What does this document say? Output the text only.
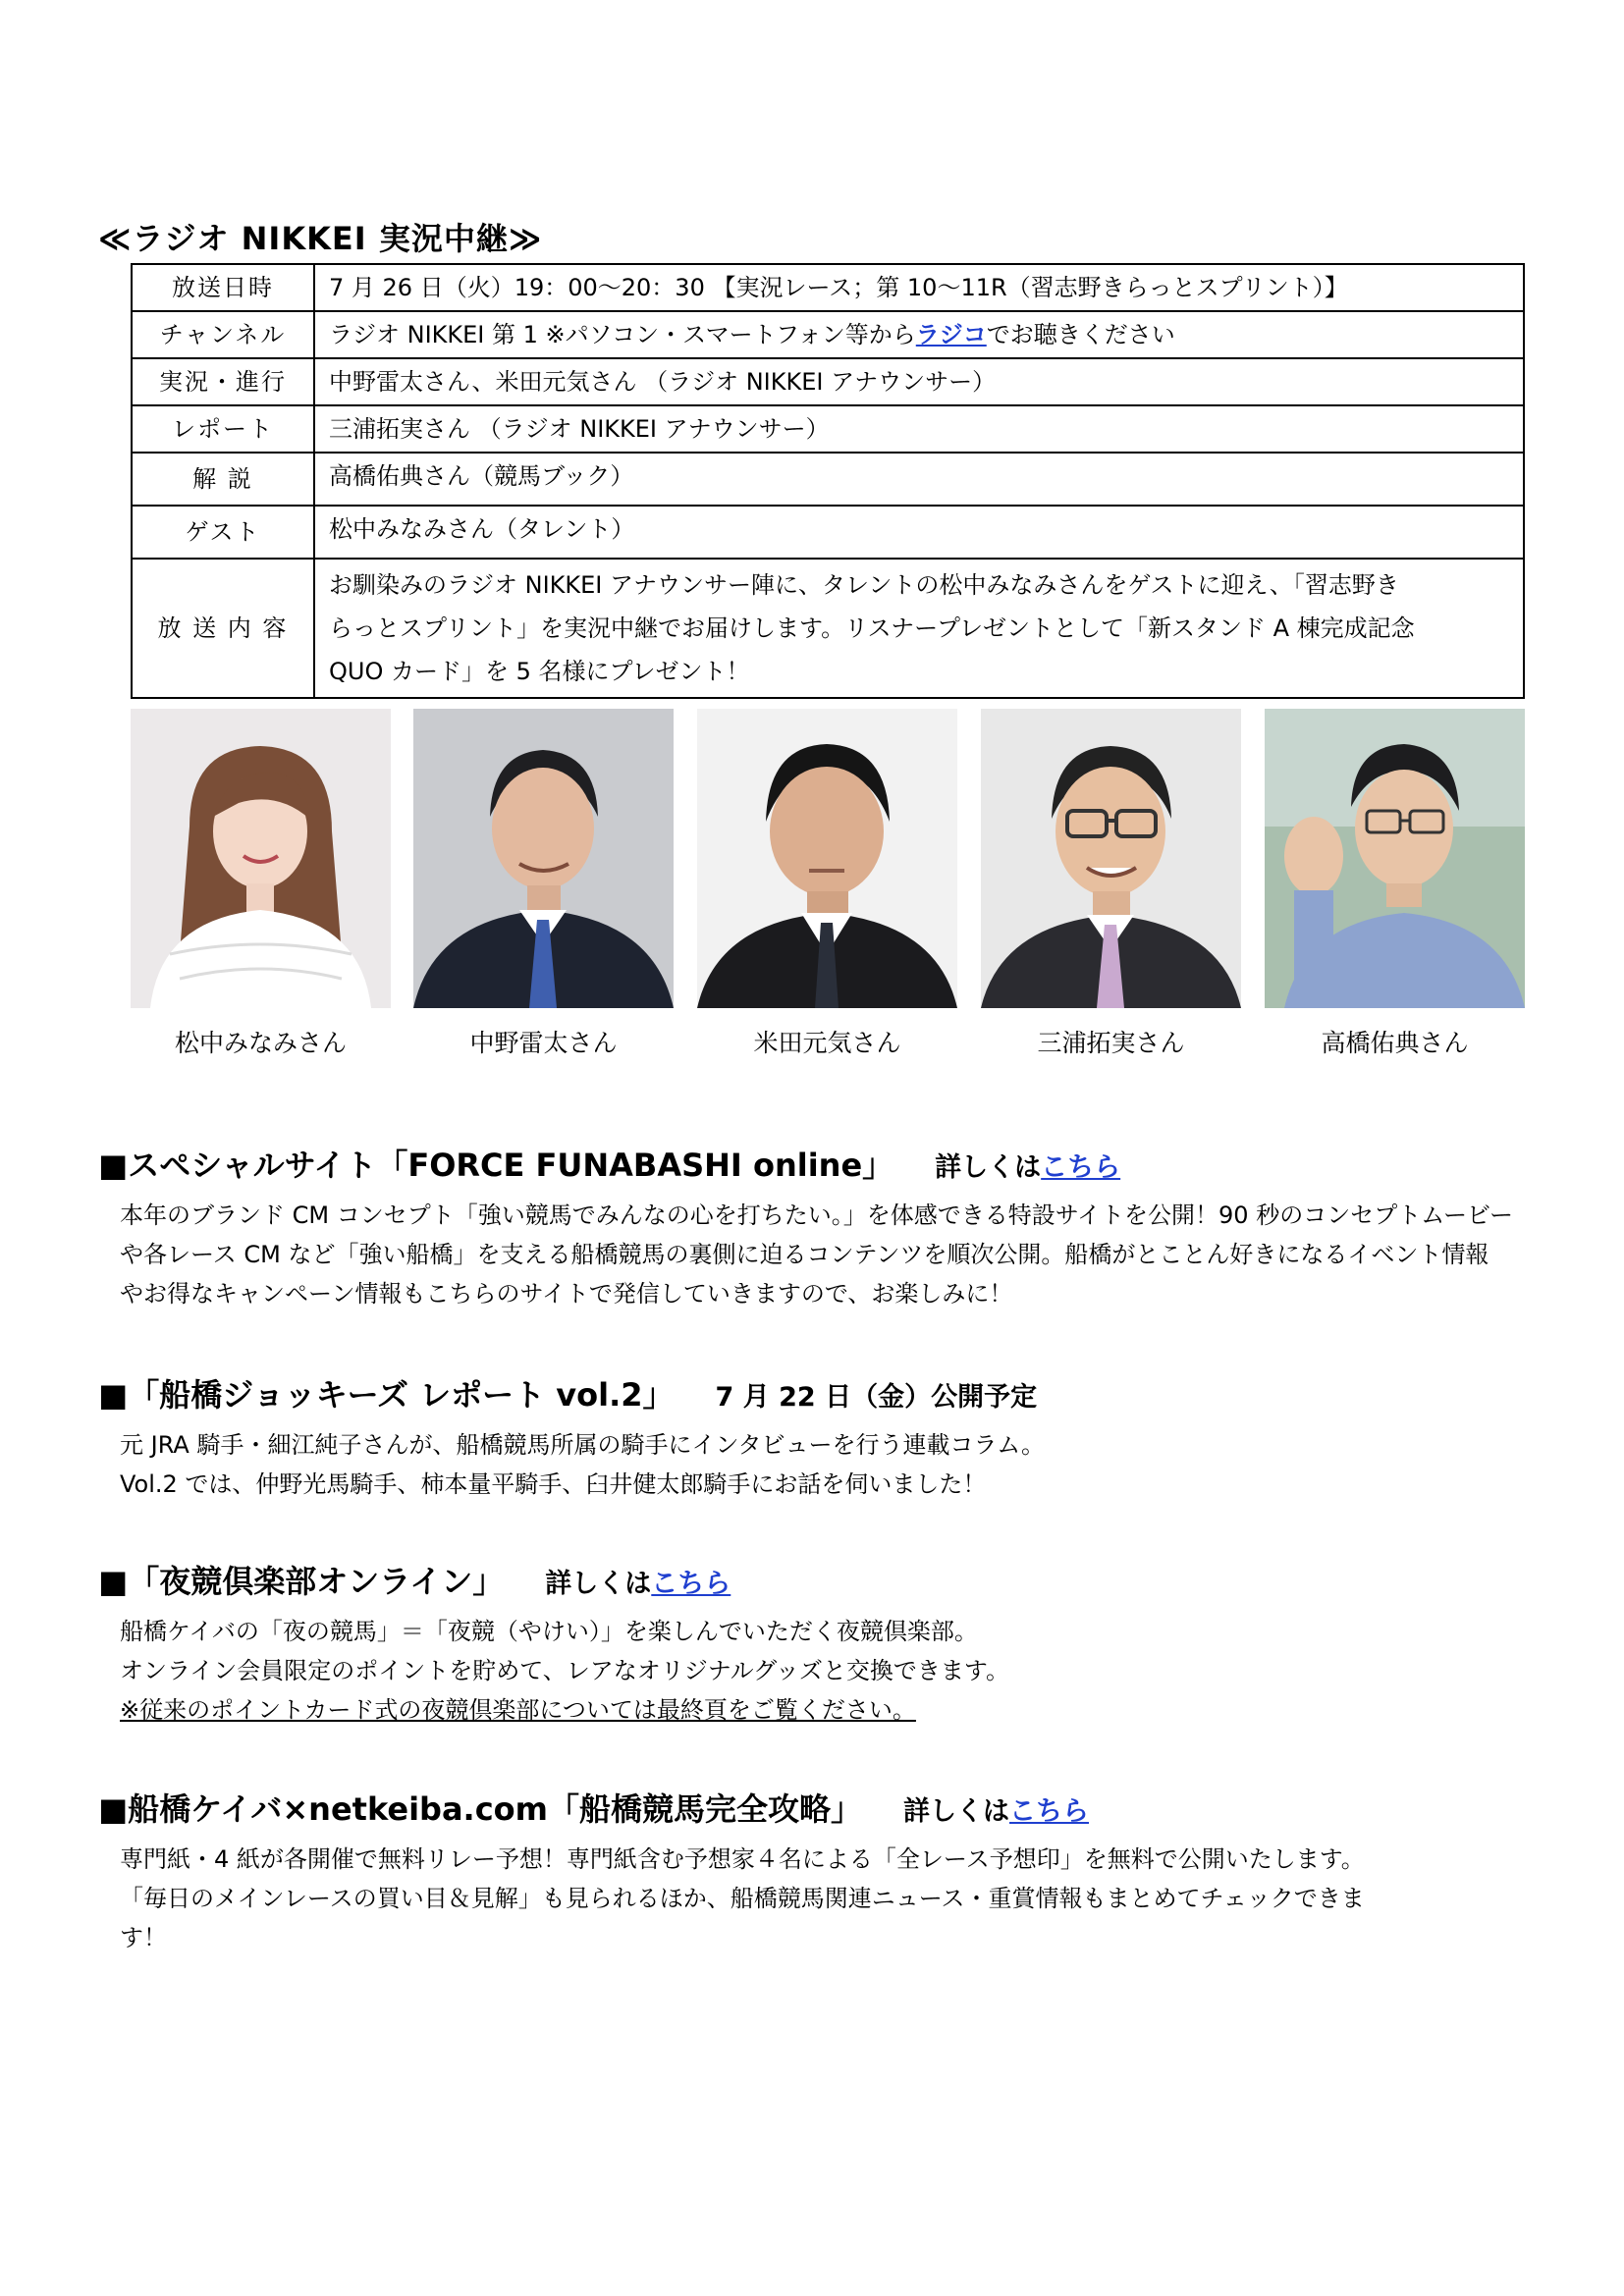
≪ラジオ NIKKEI 実況中継≫
放送日時	7 月 26 日（火）19：00～20：30 【実況レース；第 10～11R（習志野きらっとスプリント）】
チャンネル	ラジオ NIKKEI 第 1 ※パソコン・スマートフォン等からラジコでお聴きください
実況・進行	中野雷太さん、米田元気さん （ラジオ NIKKEI アナウンサー）
レポート	三浦拓実さん （ラジオ NIKKEI アナウンサー）
解 説	高橋佑典さん（競馬ブック）
ゲスト	松中みなみさん（タレント）
放 送 内 容	お馴染みのラジオ NIKKEI アナウンサー陣に、タレントの松中みなみさんをゲストに迎え、「習志野き
らっとスプリント」を実況中継でお届けします。リスナープレゼントとして「新スタンド A 棟完成記念
QUO カード」を 5 名様にプレゼント！
松中みなみさん	中野雷太さん	米田元気さん	三浦拓実さん	高橋佑典さん
■スペシャルサイト「FORCE FUNABASHI online」 詳しくはこちら
本年のブランド CM コンセプト「強い競馬でみんなの心を打ちたい。」を体感できる特設サイトを公開！90 秒のコンセプトムービー
や各レース CM など「強い船橋」を支える船橋競馬の裏側に迫るコンテンツを順次公開。船橋がとことん好きになるイベント情報
やお得なキャンペーン情報もこちらのサイトで発信していきますので、お楽しみに！
■「船橋ジョッキーズ レポート vol.2」 7 月 22 日（金）公開予定
元 JRA 騎手・細江純子さんが、船橋競馬所属の騎手にインタビューを行う連載コラム。
Vol.2 では、仲野光馬騎手、柿本量平騎手、臼井健太郎騎手にお話を伺いました！
■「夜競倶楽部オンライン」 詳しくはこちら
船橋ケイバの「夜の競馬」＝「夜競（やけい）」を楽しんでいただく夜競倶楽部。
オンライン会員限定のポイントを貯めて、レアなオリジナルグッズと交換できます。
※従来のポイントカード式の夜競倶楽部については最終頁をご覧ください。
■船橋ケイバ×netkeiba.com「船橋競馬完全攻略」 詳しくはこちら
専門紙・4 紙が各開催で無料リレー予想！専門紙含む予想家４名による「全レース予想印」を無料で公開いたします。
「毎日のメインレースの買い目＆見解」も見られるほか、船橋競馬関連ニュース・重賞情報もまとめてチェックできま
す！
